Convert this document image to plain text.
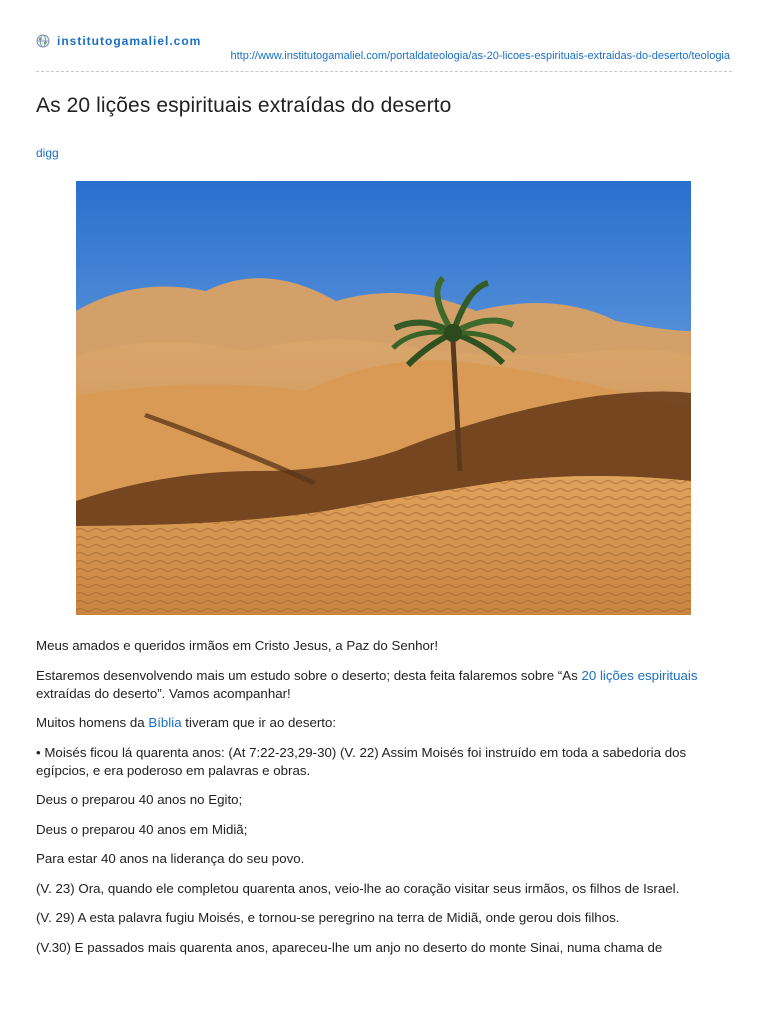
institutogamaliel.com
http://www.institutogamaliel.com/portaldateologia/as-20-licoes-espirituais-extraidas-do-deserto/teologia
As 20 lições espirituais extraídas do deserto
digg

Meus amados e queridos irmãos em Cristo Jesus, a Paz do Senhor!

Estaremos desenvolvendo mais um estudo sobre o deserto; desta feita falaremos sobre “As 20 lições espirituais extraídas do deserto”. Vamos acompanhar!

Muitos homens da Bíblia tiveram que ir ao deserto:

• Moisés ficou lá quarenta anos: (At 7:22-23,29-30) (V. 22) Assim Moisés foi instruído em toda a sabedoria dos egípcios, e era poderoso em palavras e obras.

Deus o preparou 40 anos no Egito;

Deus o preparou 40 anos em Midiã;

Para estar 40 anos na liderança do seu povo.

(V. 23) Ora, quando ele completou quarenta anos, veio-lhe ao coração visitar seus irmãos, os filhos de Israel.

(V. 29) A esta palavra fugiu Moisés, e tornou-se peregrino na terra de Midiã, onde gerou dois filhos.

(V.30) E passados mais quarenta anos, apareceu-lhe um anjo no deserto do monte Sinai, numa chama de
